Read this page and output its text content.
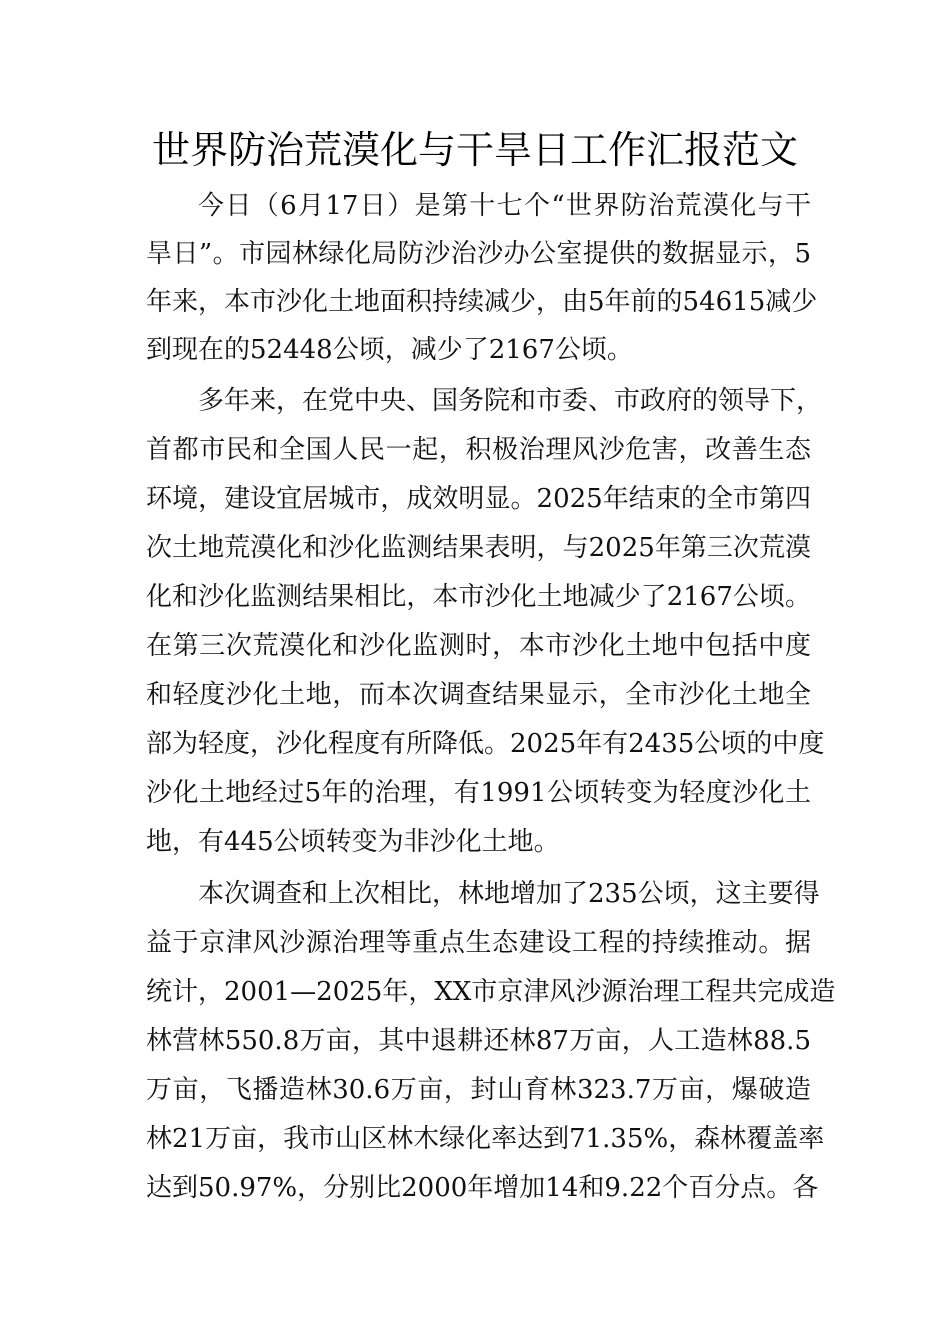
世界防治荒漠化与干旱日工作汇报范文
今日（6月17日）是第十七个“世界防治荒漠化与干
旱日”。市园林绿化局防沙治沙办公室提供的数据显示，5
年来，本市沙化土地面积持续减少，由5年前的54615减少
到现在的52448公顷，减少了2167公顷。
多年来，在党中央、国务院和市委、市政府的领导下，
首都市民和全国人民一起，积极治理风沙危害，改善生态
环境，建设宜居城市，成效明显。2025年结束的全市第四
次土地荒漠化和沙化监测结果表明，与2025年第三次荒漠
化和沙化监测结果相比，本市沙化土地减少了2167公顷。
在第三次荒漠化和沙化监测时，本市沙化土地中包括中度
和轻度沙化土地，而本次调查结果显示，全市沙化土地全
部为轻度，沙化程度有所降低。2025年有2435公顷的中度
沙化土地经过5年的治理，有1991公顷转变为轻度沙化土
地，有445公顷转变为非沙化土地。
本次调查和上次相比，林地增加了235公顷，这主要得
益于京津风沙源治理等重点生态建设工程的持续推动。据
统计，2001—2025年，XX市京津风沙源治理工程共完成造
林营林550.8万亩，其中退耕还林87万亩，人工造林88.5
万亩，飞播造林30.6万亩，封山育林323.7万亩，爆破造
林21万亩，我市山区林木绿化率达到71.35%，森林覆盖率
达到50.97%，分别比2000年增加14和9.22个百分点。各
